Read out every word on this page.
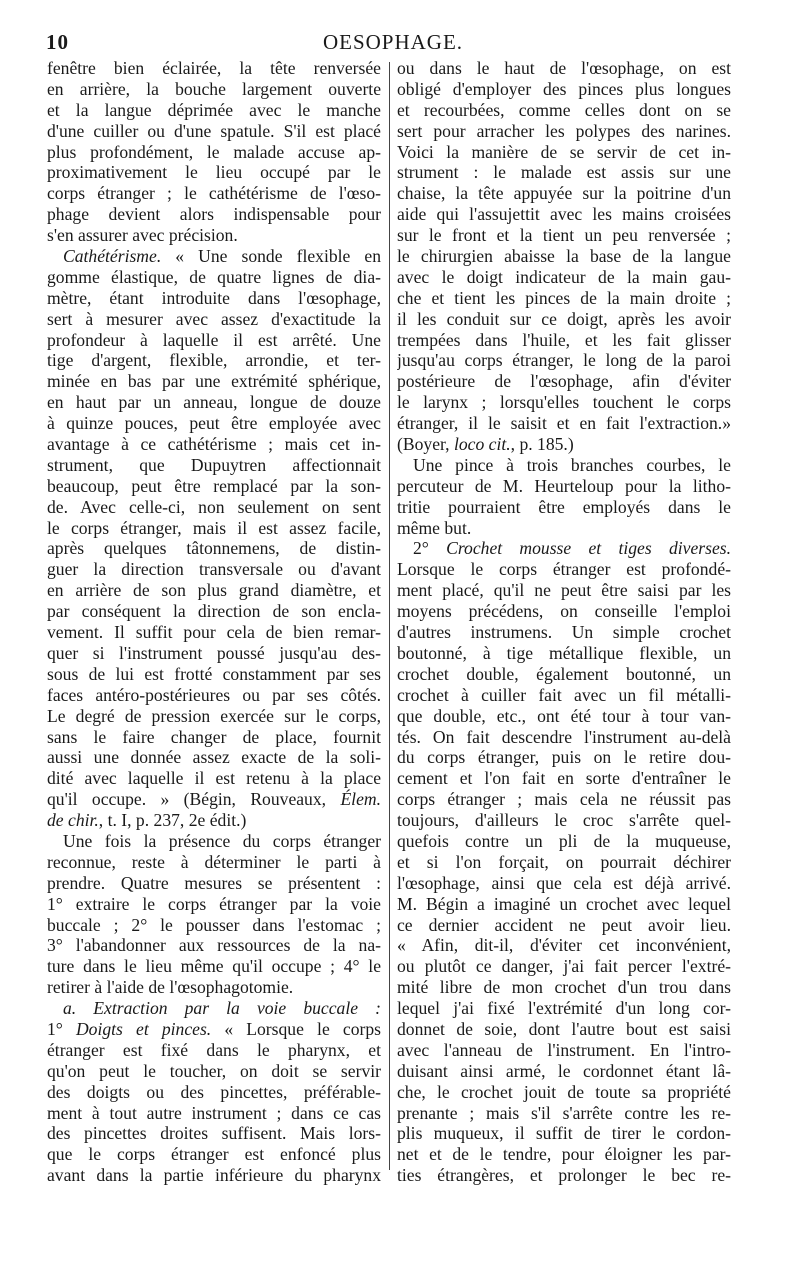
10	OESOPHAGE.
fenêtre bien éclairée, la tête renversée
en arrière, la bouche largement ouverte
et la langue déprimée avec le manche
d'une cuiller ou d'une spatule. S'il est placé
plus profondément, le malade accuse ap-
proximativement le lieu occupé par le
corps étranger ; le cathétérisme de l'œso-
phage devient alors indispensable pour
s'en assurer avec précision.
Cathétérisme. « Une sonde flexible en
gomme élastique, de quatre lignes de dia-
mètre, étant introduite dans l'œsophage,
sert à mesurer avec assez d'exactitude la
profondeur à laquelle il est arrêté. Une
tige d'argent, flexible, arrondie, et ter-
minée en bas par une extrémité sphérique,
en haut par un anneau, longue de douze
à quinze pouces, peut être employée avec
avantage à ce cathétérisme ; mais cet in-
strument, que Dupuytren affectionnait
beaucoup, peut être remplacé par la son-
de. Avec celle-ci, non seulement on sent
le corps étranger, mais il est assez facile,
après quelques tâtonnemens, de distin-
guer la direction transversale ou d'avant
en arrière de son plus grand diamètre, et
par conséquent la direction de son encla-
vement. Il suffit pour cela de bien remar-
quer si l'instrument poussé jusqu'au des-
sous de lui est frotté constamment par ses
faces antéro-postérieures ou par ses côtés.
Le degré de pression exercée sur le corps,
sans le faire changer de place, fournit
aussi une donnée assez exacte de la soli-
dité avec laquelle il est retenu à la place
qu'il occupe. » (Bégin, Rouveaux, Élem.
de chir., t. I, p. 237, 2e édit.)
Une fois la présence du corps étranger
reconnue, reste à déterminer le parti à
prendre. Quatre mesures se présentent :
1° extraire le corps étranger par la voie
buccale ; 2° le pousser dans l'estomac ;
3° l'abandonner aux ressources de la na-
ture dans le lieu même qu'il occupe ; 4° le
retirer à l'aide de l'œsophagotomie.
a. Extraction par la voie buccale :
1° Doigts et pinces. « Lorsque le corps
étranger est fixé dans le pharynx, et
qu'on peut le toucher, on doit se servir
des doigts ou des pincettes, préférable-
ment à tout autre instrument ; dans ce cas
des pincettes droites suffisent. Mais lors-
que le corps étranger est enfoncé plus
avant dans la partie inférieure du pharynx
ou dans le haut de l'œsophage, on est
obligé d'employer des pinces plus longues
et recourbées, comme celles dont on se
sert pour arracher les polypes des narines.
Voici la manière de se servir de cet in-
strument : le malade est assis sur une
chaise, la tête appuyée sur la poitrine d'un
aide qui l'assujettit avec les mains croisées
sur le front et la tient un peu renversée ;
le chirurgien abaisse la base de la langue
avec le doigt indicateur de la main gau-
che et tient les pinces de la main droite ;
il les conduit sur ce doigt, après les avoir
trempées dans l'huile, et les fait glisser
jusqu'au corps étranger, le long de la paroi
postérieure de l'œsophage, afin d'éviter
le larynx ; lorsqu'elles touchent le corps
étranger, il le saisit et en fait l'extraction.»
(Boyer, loco cit., p. 185.)
Une pince à trois branches courbes, le
percuteur de M. Heurteloup pour la litho-
tritie pourraient être employés dans le
même but.
2° Crochet mousse et tiges diverses.
Lorsque le corps étranger est profondé-
ment placé, qu'il ne peut être saisi par les
moyens précédens, on conseille l'emploi
d'autres instrumens. Un simple crochet
boutonné, à tige métallique flexible, un
crochet double, également boutonné, un
crochet à cuiller fait avec un fil métalli-
que double, etc., ont été tour à tour van-
tés. On fait descendre l'instrument au-delà
du corps étranger, puis on le retire dou-
cement et l'on fait en sorte d'entraîner le
corps étranger ; mais cela ne réussit pas
toujours, d'ailleurs le croc s'arrête quel-
quefois contre un pli de la muqueuse,
et si l'on forçait, on pourrait déchirer
l'œsophage, ainsi que cela est déjà arrivé.
M. Bégin a imaginé un crochet avec lequel
ce dernier accident ne peut avoir lieu.
« Afin, dit-il, d'éviter cet inconvénient,
ou plutôt ce danger, j'ai fait percer l'extré-
mité libre de mon crochet d'un trou dans
lequel j'ai fixé l'extrémité d'un long cor-
donnet de soie, dont l'autre bout est saisi
avec l'anneau de l'instrument. En l'intro-
duisant ainsi armé, le cordonnet étant lâ-
che, le crochet jouit de toute sa propriété
prenante ; mais s'il s'arrête contre les re-
plis muqueux, il suffit de tirer le cordon-
net et de le tendre, pour éloigner les par-
ties étrangères, et prolonger le bec re-
